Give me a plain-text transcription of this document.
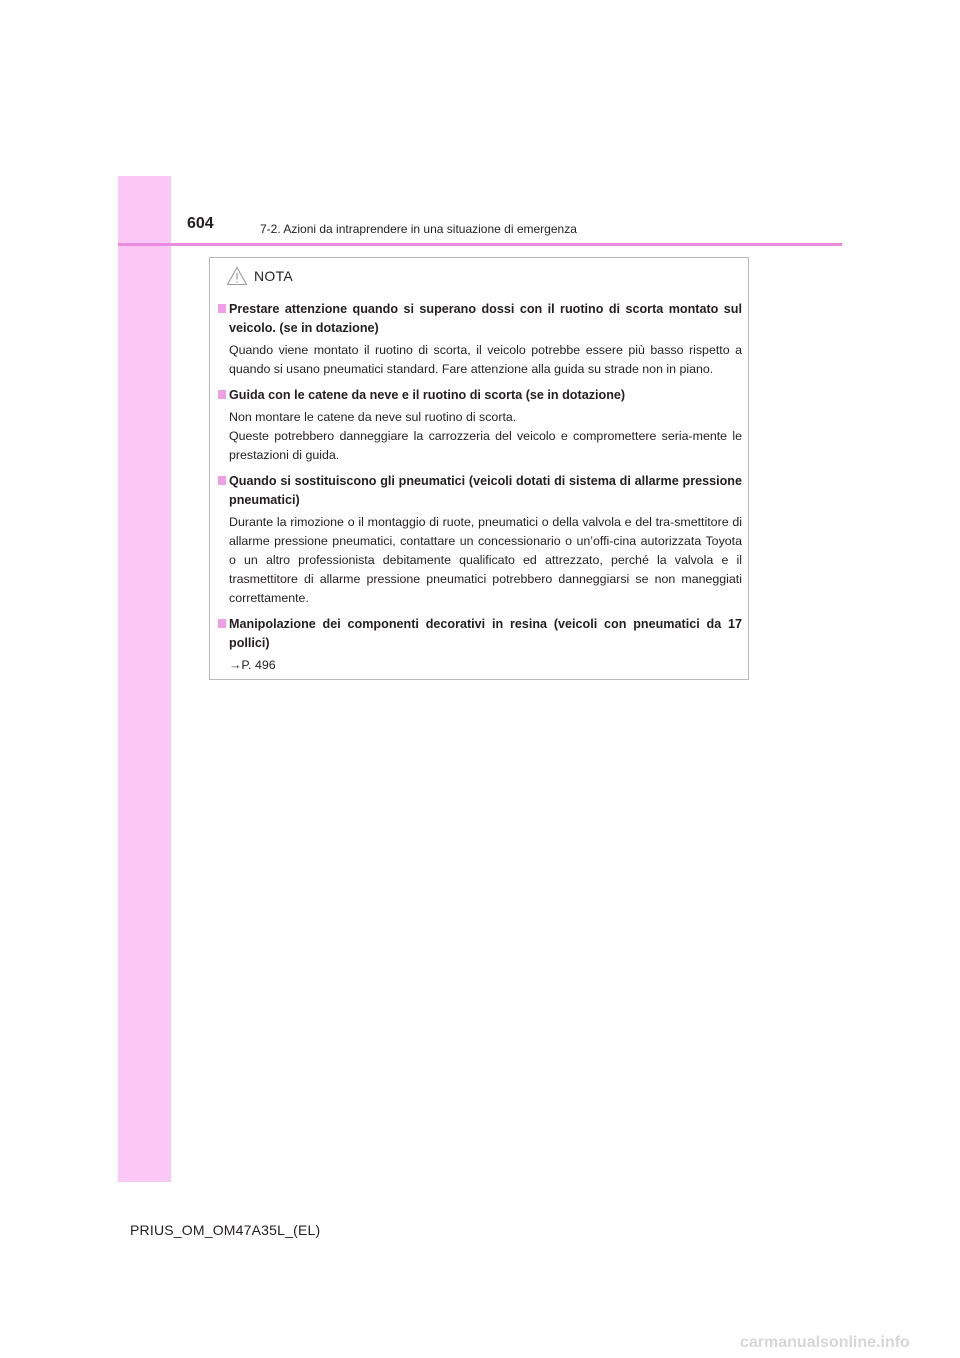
604	7-2. Azioni da intraprendere in una situazione di emergenza
NOTA
Prestare attenzione quando si superano dossi con il ruotino di scorta montato sul veicolo. (se in dotazione)

Quando viene montato il ruotino di scorta, il veicolo potrebbe essere più basso rispetto a quando si usano pneumatici standard. Fare attenzione alla guida su strade non in piano.

Guida con le catene da neve e il ruotino di scorta (se in dotazione)

Non montare le catene da neve sul ruotino di scorta.

Queste potrebbero danneggiare la carrozzeria del veicolo e compromettere seria-mente le prestazioni di guida.

Quando si sostituiscono gli pneumatici (veicoli dotati di sistema di allarme pressione pneumatici)

Durante la rimozione o il montaggio di ruote, pneumatici o della valvola e del tra-smettitore di allarme pressione pneumatici, contattare un concessionario o un’offi-cina autorizzata Toyota o un altro professionista debitamente qualificato ed attrezzato, perché la valvola e il trasmettitore di allarme pressione pneumatici potrebbero danneggiarsi se non maneggiati correttamente.

Manipolazione dei componenti decorativi in resina (veicoli con pneumatici da 17 pollici)

→P. 496

PRIUS_OM_OM47A35L_(EL)
carmanualsonline.info
